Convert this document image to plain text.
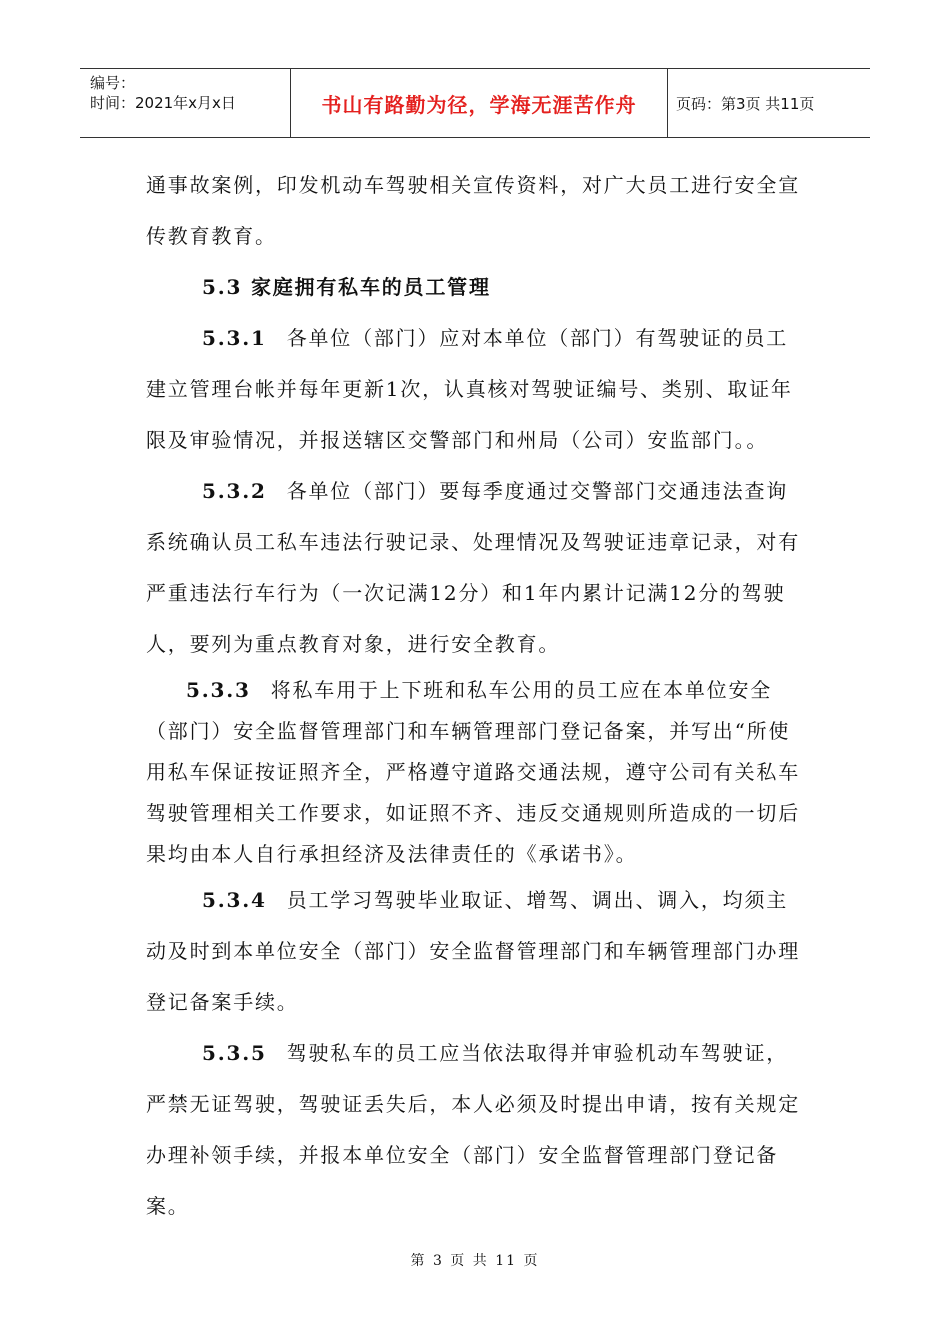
编号：
时间：2021年x月x日	书山有路勤为径，学海无涯苦作舟	页码：第3页 共11页

通事故案例，印发机动车驾驶相关宣传资料，对广大员工进行安全宣传教育教育。

5.3 家庭拥有私车的员工管理

5.3.1 各单位（部门）应对本单位（部门）有驾驶证的员工建立管理台帐并每年更新1次，认真核对驾驶证编号、类别、取证年限及审验情况，并报送辖区交警部门和州局（公司）安监部门。。

5.3.2 各单位（部门）要每季度通过交警部门交通违法查询系统确认员工私车违法行驶记录、处理情况及驾驶证违章记录，对有严重违法行车行为（一次记满12分）和1年内累计记满12分的驾驶人，要列为重点教育对象，进行安全教育。

5.3.3 将私车用于上下班和私车公用的员工应在本单位安全（部门）安全监督管理部门和车辆管理部门登记备案，并写出“所使用私车保证按证照齐全，严格遵守道路交通法规，遵守公司有关私车驾驶管理相关工作要求，如证照不齐、违反交通规则所造成的一切后果均由本人自行承担经济及法律责任的《承诺书》。

5.3.4 员工学习驾驶毕业取证、增驾、调出、调入，均须主动及时到本单位安全（部门）安全监督管理部门和车辆管理部门办理登记备案手续。

5.3.5 驾驶私车的员工应当依法取得并审验机动车驾驶证，严禁无证驾驶，驾驶证丢失后，本人必须及时提出申请，按有关规定办理补领手续，并报本单位安全（部门）安全监督管理部门登记备案。

第 3 页 共 11 页
